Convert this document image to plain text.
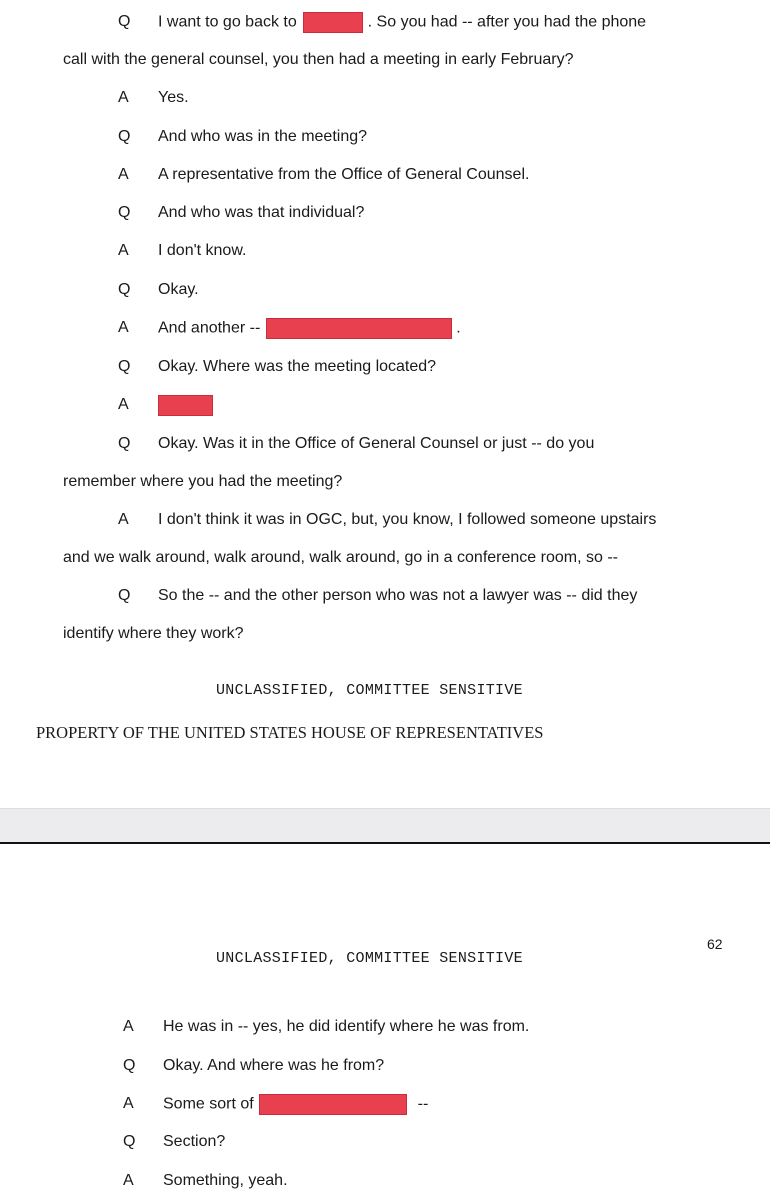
Q I want to go back to	. So you had -- after you had the phone
call with the general counsel, you then had a meeting in early February?
A Yes.
Q And who was in the meeting?
A A representative from the Office of General Counsel.
Q And who was that individual?
A I don't know.
Q Okay.
A And another --	.
Q Okay. Where was the meeting located?
A
Q Okay. Was it in the Office of General Counsel or just -- do you
remember where you had the meeting?
A I don't think it was in OGC, but, you know, I followed someone upstairs
and we walk around, walk around, walk around, go in a conference room, so --
Q So the -- and the other person who was not a lawyer was -- did they
identify where they work?
UNCLASSIFIED, COMMITTEE SENSITIVE
PROPERTY OF THE UNITED STATES HOUSE OF REPRESENTATIVES
62
UNCLASSIFIED, COMMITTEE SENSITIVE
A He was in -- yes, he did identify where he was from.
Q Okay. And where was he from?
A Some sort of	--
Q Section?
A Something, yeah.
